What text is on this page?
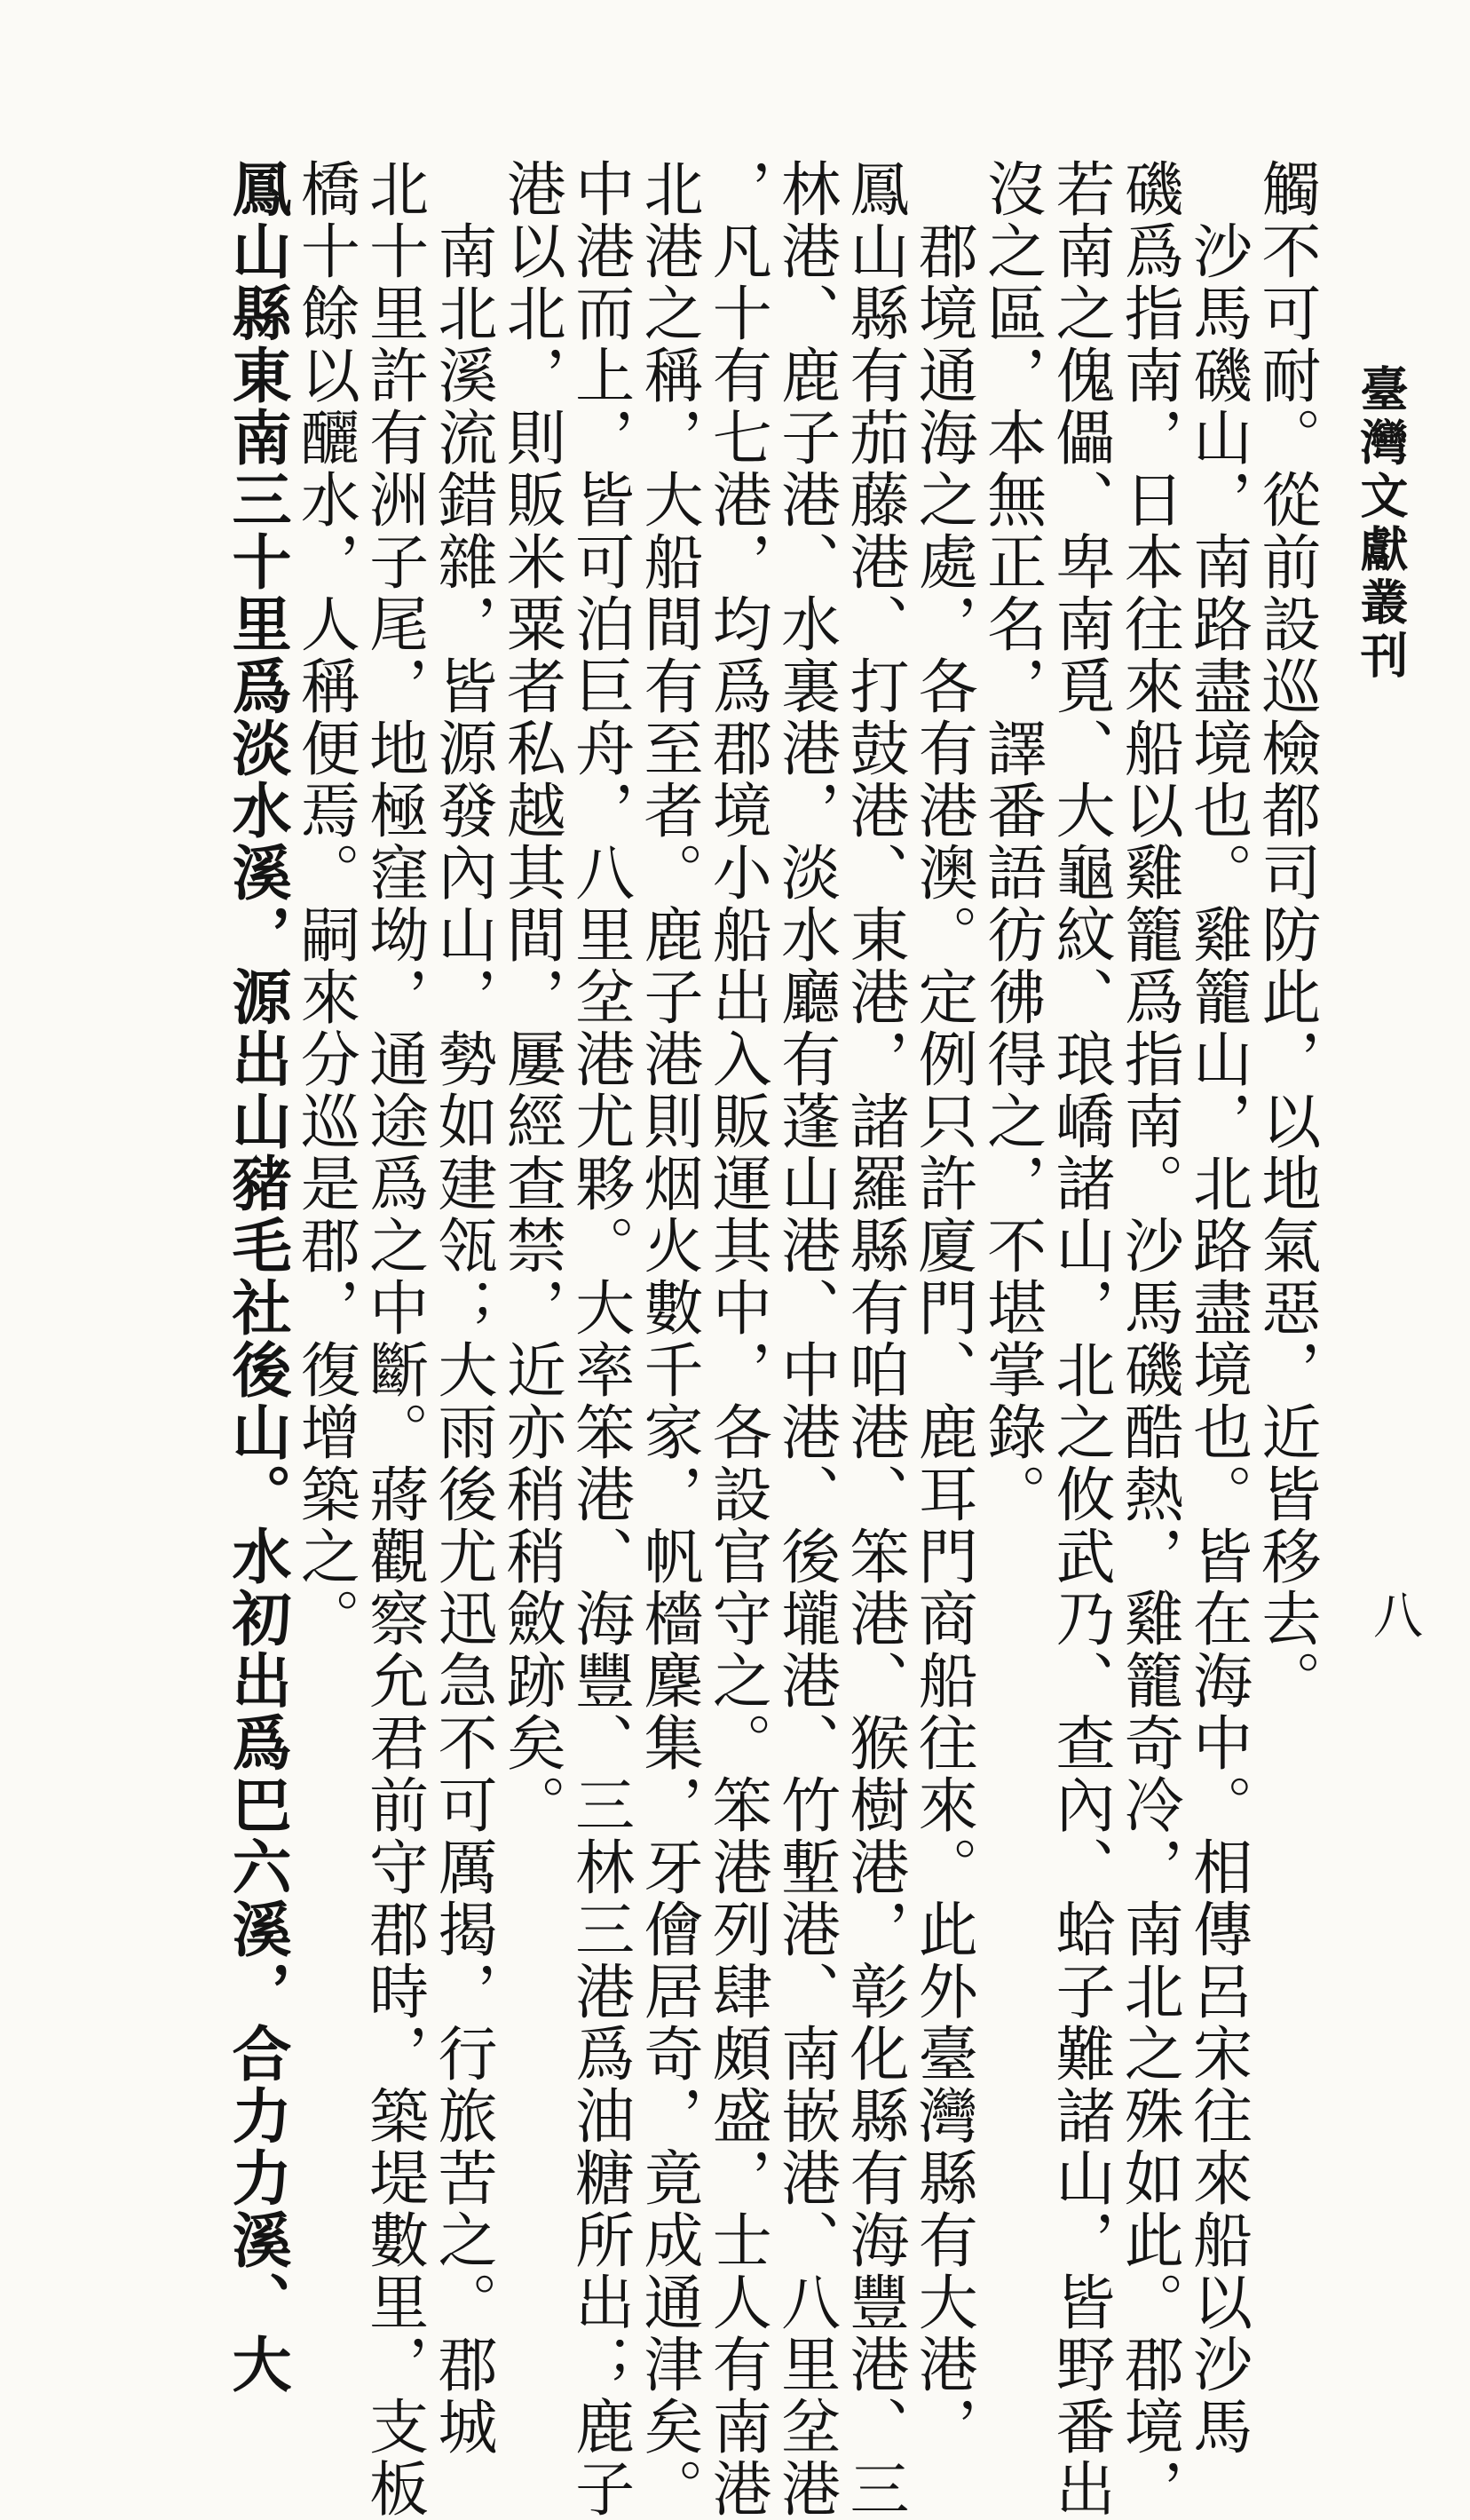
臺灣文獻叢刊
八
觸不可耐。從前設巡檢都司防此，以地氣惡，近皆移去。
　沙馬磯山，南路盡境也。雞籠山，北路盡境也。皆在海中。相傳呂宋往來船以沙馬
磯爲指南，日本往來船以雞籠爲指南。沙馬磯酷熱，雞籠奇冷，南北之殊如此。郡境，
若南之傀儡、卑南覓、大龜紋、琅嶠諸山，北之攸武乃、查內、蛤子難諸山，皆野番出
沒之區，本無正名，譯番語彷彿得之，不堪掌錄。
　郡境通海之處，各有港澳。定例只許廈門、鹿耳門商船往來。此外臺灣縣有大港，
鳳山縣有茄藤港、打鼓港、東港，諸羅縣有㕷港、笨港、猴樹港，彰化縣有海豐港、三
林港、鹿子港、水裏港，淡水廳有蓬山港、中港、後壠港、竹塹港、南嵌港、八里坌港
，凡十有七港，均爲郡境小船出入販運其中，各設官守之。笨港列肆頗盛，士人有南港
北港之稱，大船間有至者。鹿子港則烟火數千家，帆檣麇集，牙儈居奇，竟成通津矣。
中港而上，皆可泊巨舟，八里坌港尤夥。大率笨港、海豐、三林三港爲油糖所出；鹿子
港以北，則販米粟者私越其間，屢經查禁，近亦稍稍斂跡矣。
　南北溪流錯雜，皆源發內山，勢如建瓴；大雨後尤迅急不可厲揭，行旅苦之。郡城
北十里許有洲子尾，地極窪坳，通途爲之中斷。蔣觀察允君前守郡時，築堤數里，支板
橋十餘以釃水，人稱便焉。嗣來分巡是郡，復增築之。
鳳山縣東南三十里爲淡水溪，源出山豬毛社後山。水初出爲巴六溪，合力力溪、大
